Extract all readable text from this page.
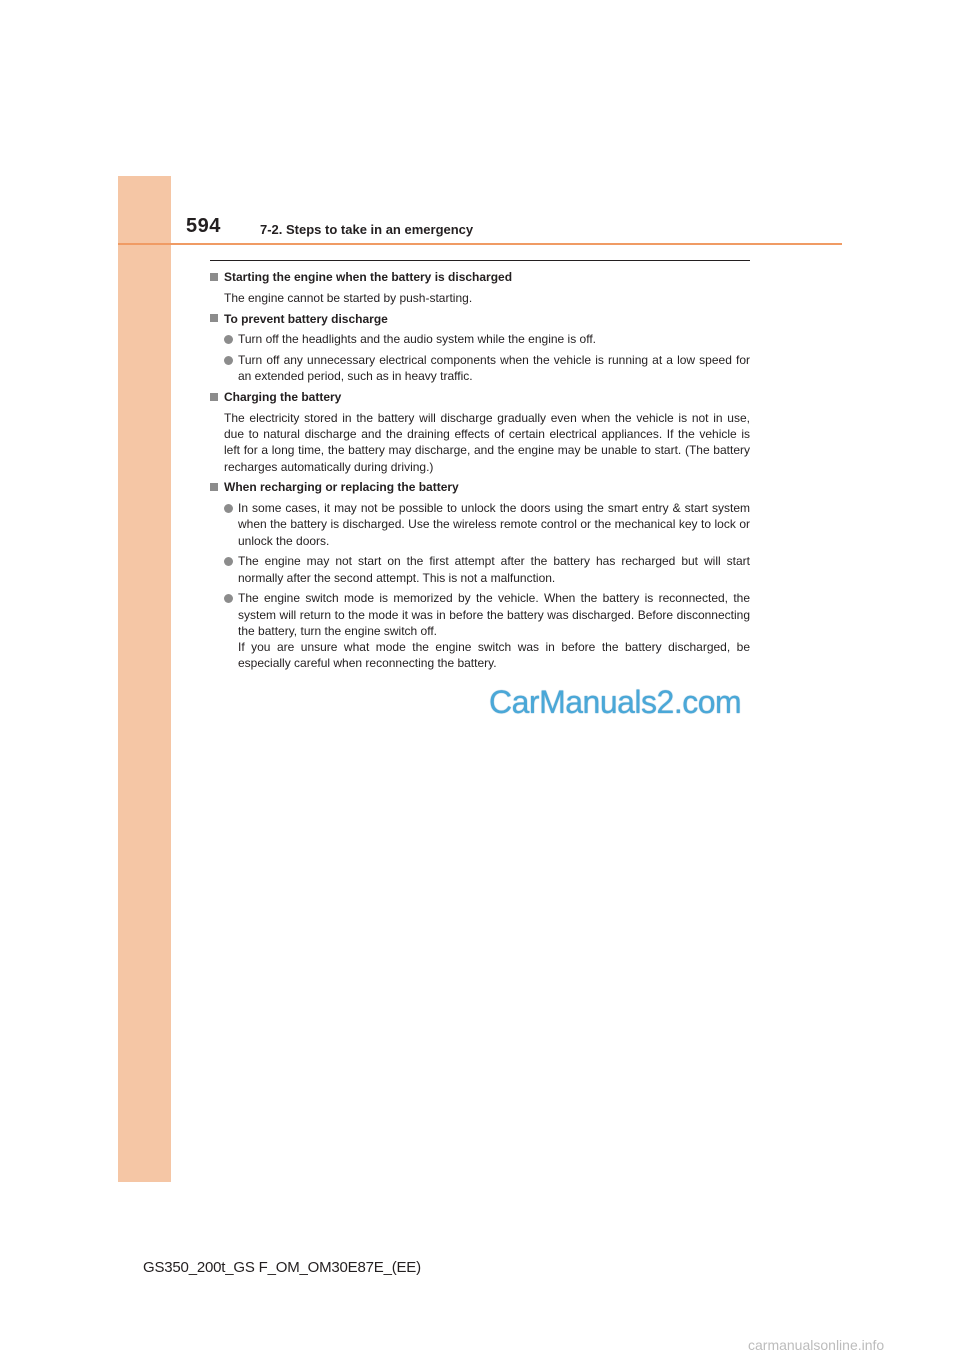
594	7-2. Steps to take in an emergency
Starting the engine when the battery is discharged
The engine cannot be started by push-starting.
To prevent battery discharge
Turn off the headlights and the audio system while the engine is off.
Turn off any unnecessary electrical components when the vehicle is running at a low speed for an extended period, such as in heavy traffic.
Charging the battery
The electricity stored in the battery will discharge gradually even when the vehicle is not in use, due to natural discharge and the draining effects of certain electrical appliances. If the vehicle is left for a long time, the battery may discharge, and the engine may be unable to start. (The battery recharges automatically during driving.)
When recharging or replacing the battery
In some cases, it may not be possible to unlock the doors using the smart entry & start system when the battery is discharged. Use the wireless remote control or the mechanical key to lock or unlock the doors.
The engine may not start on the first attempt after the battery has recharged but will start normally after the second attempt. This is not a malfunction.
The engine switch mode is memorized by the vehicle. When the battery is reconnected, the system will return to the mode it was in before the battery was discharged. Before disconnecting the battery, turn the engine switch off.
If you are unsure what mode the engine switch was in before the battery discharged, be especially careful when reconnecting the battery.
CarManuals2.com
GS350_200t_GS F_OM_OM30E87E_(EE)
carmanualsonline.info
